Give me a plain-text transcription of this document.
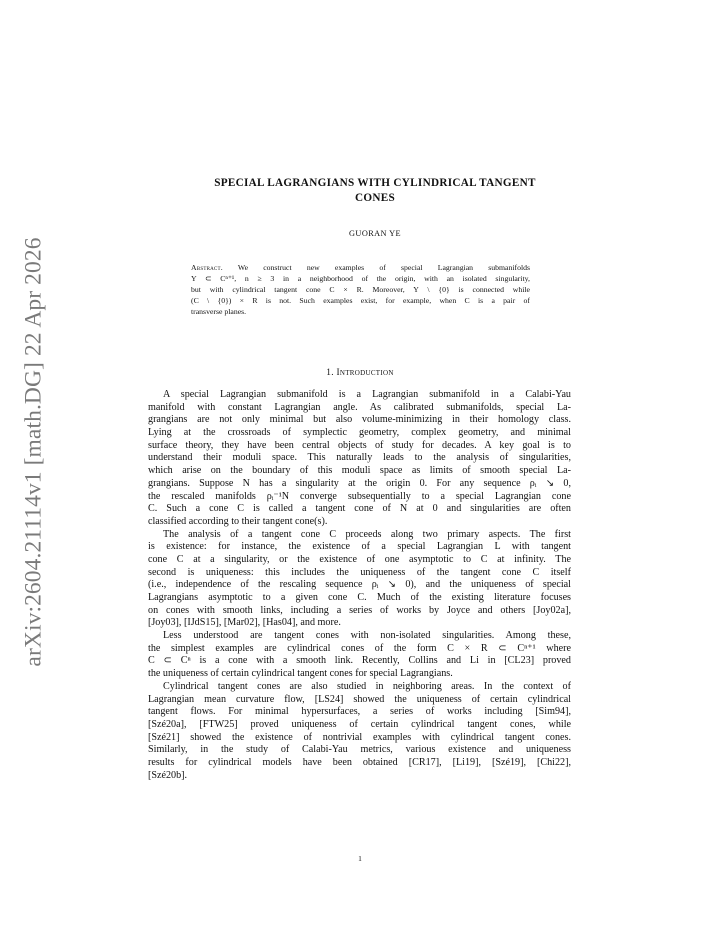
arXiv:2604.21114v1 [math.DG] 22 Apr 2026
SPECIAL LAGRANGIANS WITH CYLINDRICAL TANGENT
CONES
GUORAN YE
Abstract. We construct new examples of special Lagrangian submanifolds
Y ⊂ Cⁿ⁺¹, n ≥ 3 in a neighborhood of the origin, with an isolated singularity,
but with cylindrical tangent cone C × R. Moreover, Y \ {0} is connected while
(C \ {0}) × R is not. Such examples exist, for example, when C is a pair of
transverse planes.
1. Introduction
A special Lagrangian submanifold is a Lagrangian submanifold in a Calabi-Yau
manifold with constant Lagrangian angle. As calibrated submanifolds, special La-
grangians are not only minimal but also volume-minimizing in their homology class.
Lying at the crossroads of symplectic geometry, complex geometry, and minimal
surface theory, they have been central objects of study for decades. A key goal is to
understand their moduli space. This naturally leads to the analysis of singularities,
which arise on the boundary of this moduli space as limits of smooth special La-
grangians. Suppose N has a singularity at the origin 0. For any sequence ρᵢ ↘ 0,
the rescaled manifolds ρᵢ⁻¹N converge subsequentially to a special Lagrangian cone
C. Such a cone C is called a tangent cone of N at 0 and singularities are often
classified according to their tangent cone(s).
The analysis of a tangent cone C proceeds along two primary aspects. The first
is existence: for instance, the existence of a special Lagrangian L with tangent
cone C at a singularity, or the existence of one asymptotic to C at infinity. The
second is uniqueness: this includes the uniqueness of the tangent cone C itself
(i.e., independence of the rescaling sequence ρᵢ ↘ 0), and the uniqueness of special
Lagrangians asymptotic to a given cone C. Much of the existing literature focuses
on cones with smooth links, including a series of works by Joyce and others [Joy02a],
[Joy03], [IJdS15], [Mar02], [Has04], and more.
Less understood are tangent cones with non-isolated singularities. Among these,
the simplest examples are cylindrical cones of the form C × R ⊂ Cⁿ⁺¹ where
C ⊂ Cⁿ is a cone with a smooth link. Recently, Collins and Li in [CL23] proved
the uniqueness of certain cylindrical tangent cones for special Lagrangians.
Cylindrical tangent cones are also studied in neighboring areas. In the context of
Lagrangian mean curvature flow, [LS24] showed the uniqueness of certain cylindrical
tangent flows. For minimal hypersurfaces, a series of works including [Sim94],
[Szé20a], [FTW25] proved uniqueness of certain cylindrical tangent cones, while
[Szé21] showed the existence of nontrivial examples with cylindrical tangent cones.
Similarly, in the study of Calabi-Yau metrics, various existence and uniqueness
results for cylindrical models have been obtained [CR17], [Li19], [Szé19], [Chi22],
[Szé20b].
1
